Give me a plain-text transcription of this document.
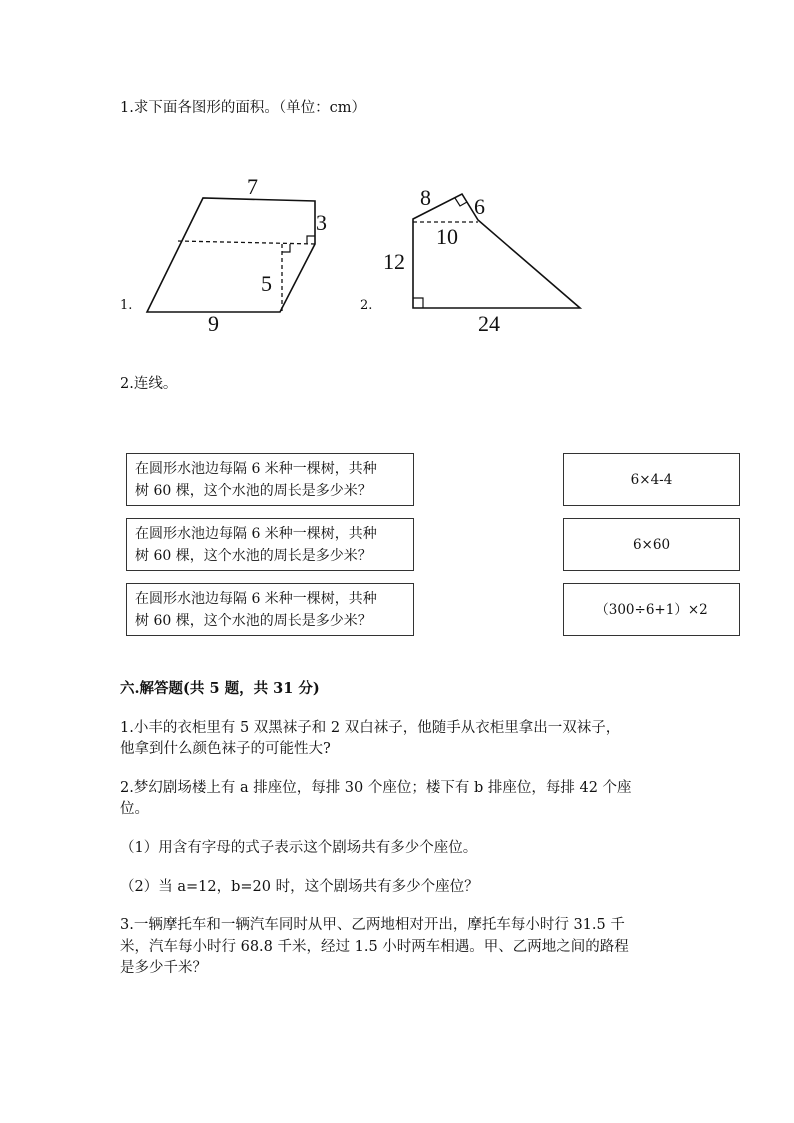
1.求下面各图形的面积。（单位：cm）
7
3
5
9
1.
8 6
10
12
24
2.
2.连线。
在圆形水池边每隔 6 米种一棵树，共种
树 60 棵，这个水池的周长是多少米？
在圆形水池边每隔 6 米种一棵树，共种
树 60 棵，这个水池的周长是多少米？
在圆形水池边每隔 6 米种一棵树，共种
树 60 棵，这个水池的周长是多少米？
6×4-4
6×60
（300÷6+1）×2
六.解答题(共 5 题，共 31 分)
1.小丰的衣柜里有 5 双黑袜子和 2 双白袜子，他随手从衣柜里拿出一双袜子，
他拿到什么颜色袜子的可能性大?
2.梦幻剧场楼上有 a 排座位，每排 30 个座位；楼下有 b 排座位，每排 42 个座
位。
（1）用含有字母的式子表示这个剧场共有多少个座位。
（2）当 a=12，b=20 时，这个剧场共有多少个座位？
3.一辆摩托车和一辆汽车同时从甲、乙两地相对开出，摩托车每小时行 31.5 千
米，汽车每小时行 68.8 千米，经过 1.5 小时两车相遇。甲、乙两地之间的路程
是多少千米？
